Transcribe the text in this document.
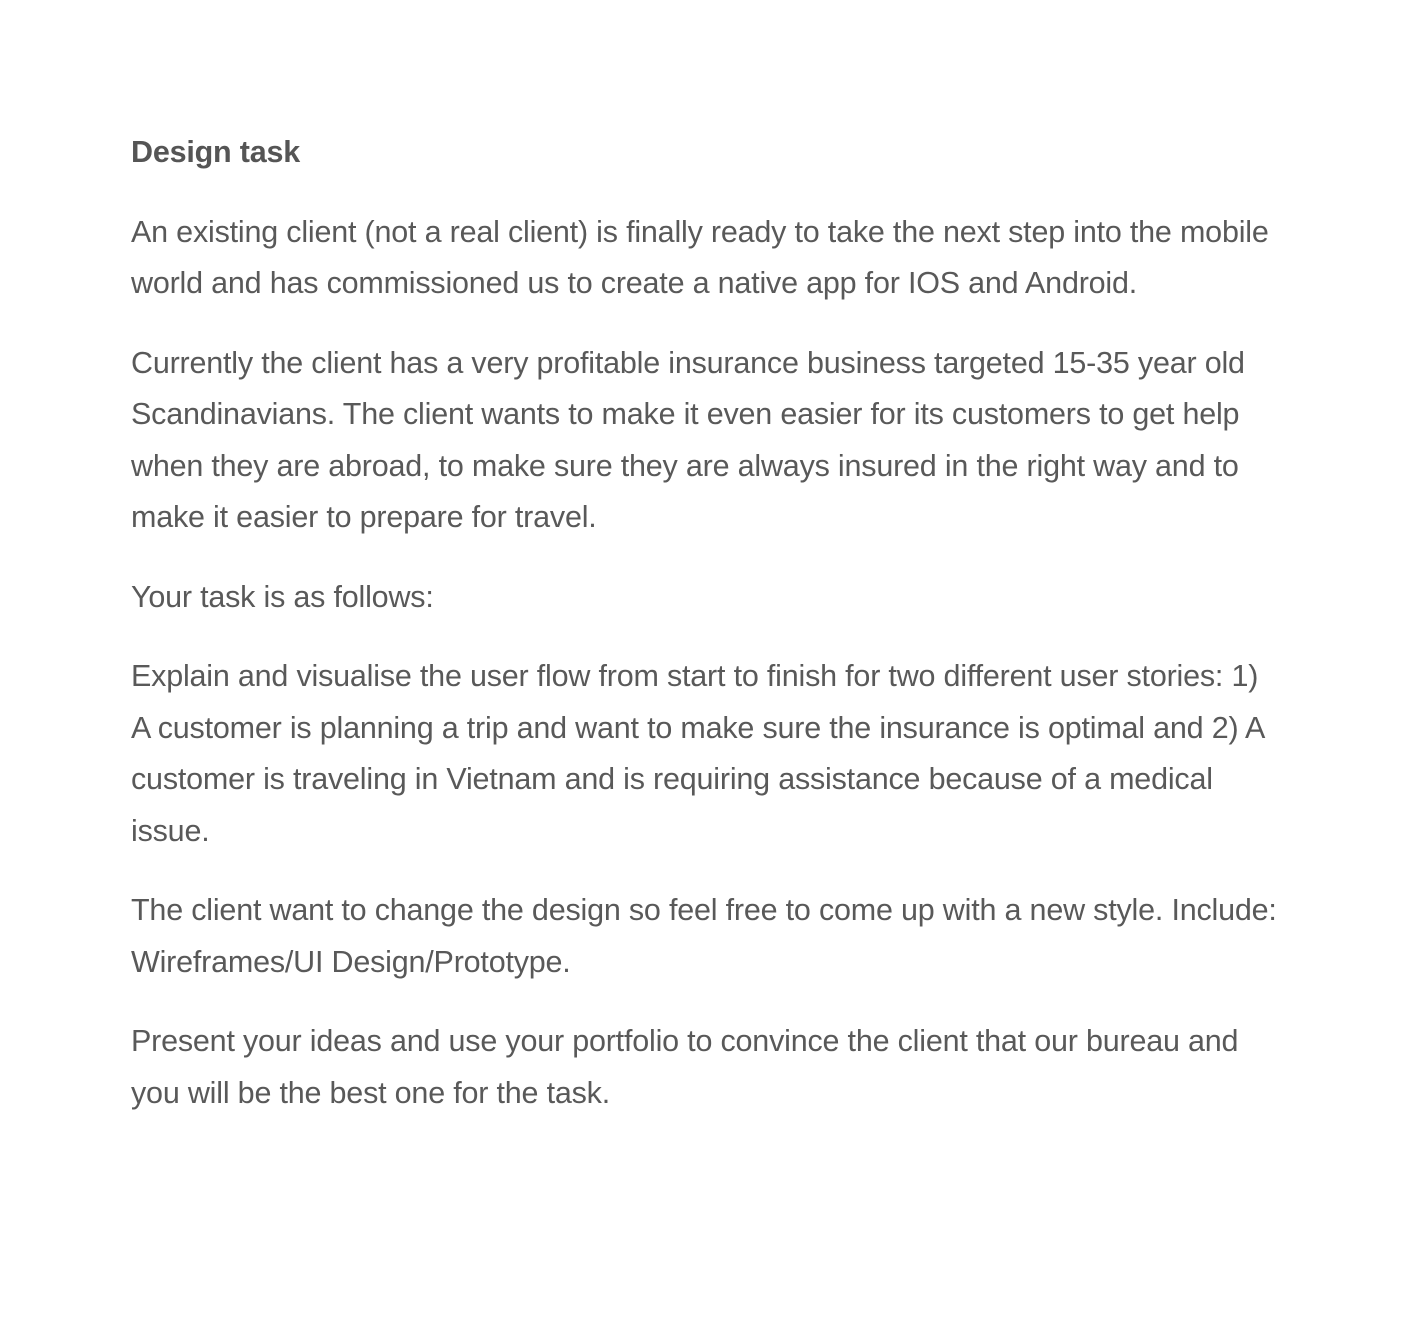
Design task

An existing client (not a real client) is finally ready to take the next step into the mobile world and has commissioned us to create a native app for IOS and Android.

Currently the client has a very profitable insurance business targeted 15-35 year old Scandinavians. The client wants to make it even easier for its customers to get help when they are abroad, to make sure they are always insured in the right way and to make it easier to prepare for travel.

Your task is as follows:

Explain and visualise the user flow from start to finish for two different user stories: 1) A customer is planning a trip and want to make sure the insurance is optimal and 2) A customer is traveling in Vietnam and is requiring assistance because of a medical issue.

The client want to change the design so feel free to come up with a new style. Include: Wireframes/UI Design/Prototype.

Present your ideas and use your portfolio to convince the client that our bureau and you will be the best one for the task.
